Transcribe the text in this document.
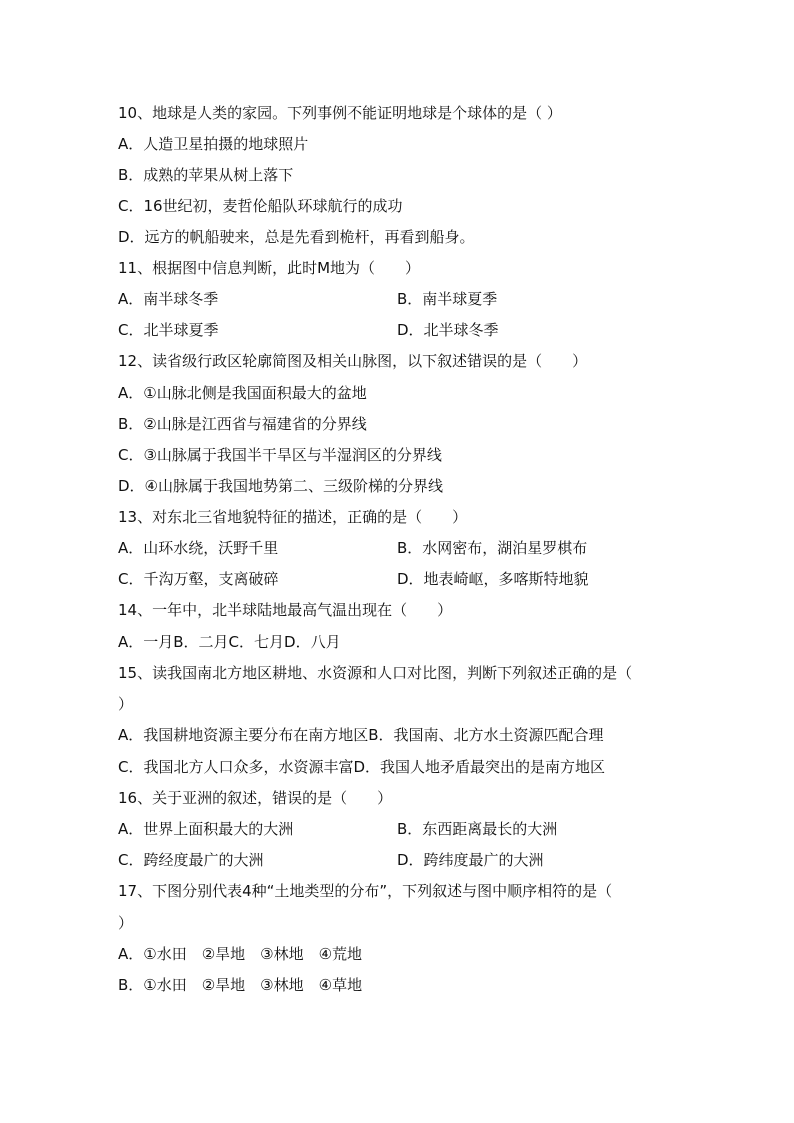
10、地球是人类的家园。下列事例不能证明地球是个球体的是（ ）
A．人造卫星拍摄的地球照片
B．成熟的苹果从树上落下
C．16世纪初，麦哲伦船队环球航行的成功
D．远方的帆船驶来，总是先看到桅杆，再看到船身。
11、根据图中信息判断，此时M地为（　　）
A．南半球冬季	B．南半球夏季
C．北半球夏季	D．北半球冬季
12、读省级行政区轮廓简图及相关山脉图，以下叙述错误的是（　　）
A．①山脉北侧是我国面积最大的盆地
B．②山脉是江西省与福建省的分界线
C．③山脉属于我国半干旱区与半湿润区的分界线
D．④山脉属于我国地势第二、三级阶梯的分界线
13、对东北三省地貌特征的描述，正确的是（　　）
A．山环水绕，沃野千里	B．水网密布，湖泊星罗棋布
C．千沟万壑，支离破碎	D．地表崎岖，多喀斯特地貌
14、一年中，北半球陆地最高气温出现在（　　）
A．一月B．二月C．七月D．八月
15、读我国南北方地区耕地、水资源和人口对比图，判断下列叙述正确的是（
）
A．我国耕地资源主要分布在南方地区B．我国南、北方水土资源匹配合理
C．我国北方人口众多，水资源丰富D．我国人地矛盾最突出的是南方地区
16、关于亚洲的叙述，错误的是（　　）
A．世界上面积最大的大洲	B．东西距离最长的大洲
C．跨经度最广的大洲	D．跨纬度最广的大洲
17、下图分别代表4种“土地类型的分布”，下列叙述与图中顺序相符的是（
）
A．①水田　②旱地　③林地　④荒地
B．①水田　②旱地　③林地　④草地
